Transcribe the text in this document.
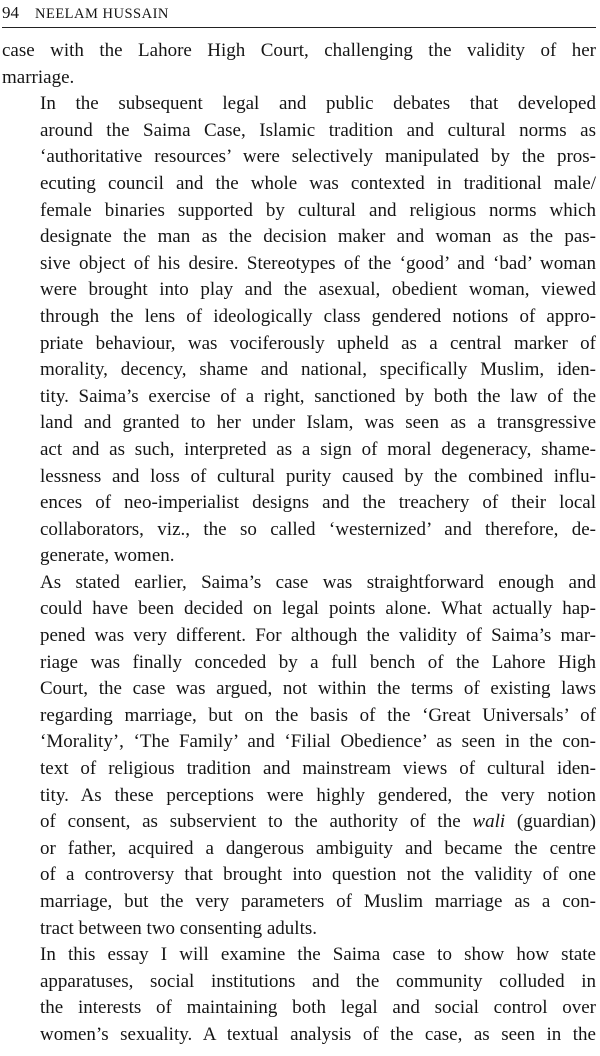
94 NEELAM HUSSAIN

case with the Lahore High Court, challenging the validity of her
marriage.

In the subsequent legal and public debates that developed
around the Saima Case, Islamic tradition and cultural norms as
‘authoritative resources’ were selectively manipulated by the pros-
ecuting council and the whole was contexted in traditional male/
female binaries supported by cultural and religious norms which
designate the man as the decision maker and woman as the pas-
sive object of his desire. Stereotypes of the ‘good’ and ‘bad’ woman
were brought into play and the asexual, obedient woman, viewed
through the lens of ideologically class gendered notions of appro-
priate behaviour, was vociferously upheld as a central marker of
morality, decency, shame and national, specifically Muslim, iden-
tity. Saima’s exercise of a right, sanctioned by both the law of the
land and granted to her under Islam, was seen as a transgressive
act and as such, interpreted as a sign of moral degeneracy, shame-
lessness and loss of cultural purity caused by the combined influ-
ences of neo-imperialist designs and the treachery of their local
collaborators, viz., the so called ‘westernized’ and therefore, de-
generate, women.

As stated earlier, Saima’s case was straightforward enough and
could have been decided on legal points alone. What actually hap-
pened was very different. For although the validity of Saima’s mar-
riage was finally conceded by a full bench of the Lahore High
Court, the case was argued, not within the terms of existing laws
regarding marriage, but on the basis of the ‘Great Universals’ of
‘Morality’, ‘The Family’ and ‘Filial Obedience’ as seen in the con-
text of religious tradition and mainstream views of cultural iden-
tity. As these perceptions were highly gendered, the very notion
of consent, as subservient to the authority of the wali (guardian)
or father, acquired a dangerous ambiguity and became the centre
of a controversy that brought into question not the validity of one
marriage, but the very parameters of Muslim marriage as a con-
tract between two consenting adults.

In this essay I will examine the Saima case to show how state
apparatuses, social institutions and the community colluded in
the interests of maintaining both legal and social control over
women’s sexuality. A textual analysis of the case, as seen in the
